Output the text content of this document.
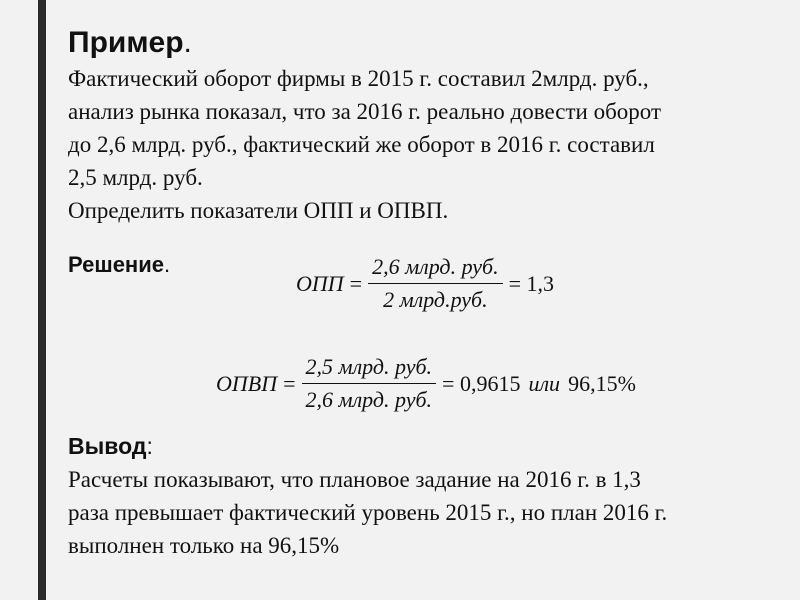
Пример.
Фактический оборот фирмы в 2015 г. составил 2млрд. руб.,
анализ рынка показал, что за 2016 г. реально довести оборот
до 2,6 млрд. руб., фактический же оборот в 2016 г. составил
2,5 млрд. руб.
Определить показатели ОПП и ОПВП.
Решение.
ОПП = $\frac{\text{2,6 млрд. руб.}}{\text{2 млрд.руб.}} = 1,3$
ОПВП = $\frac{\text{2,5 млрд. руб.}}{\text{2,6 млрд. руб.}} = 0,9615$ или 96,15%
Вывод:
Расчеты показывают, что плановое задание на 2016 г. в 1,3
раза превышает фактический уровень 2015 г., но план 2016 г.
выполнен только на 96,15%
